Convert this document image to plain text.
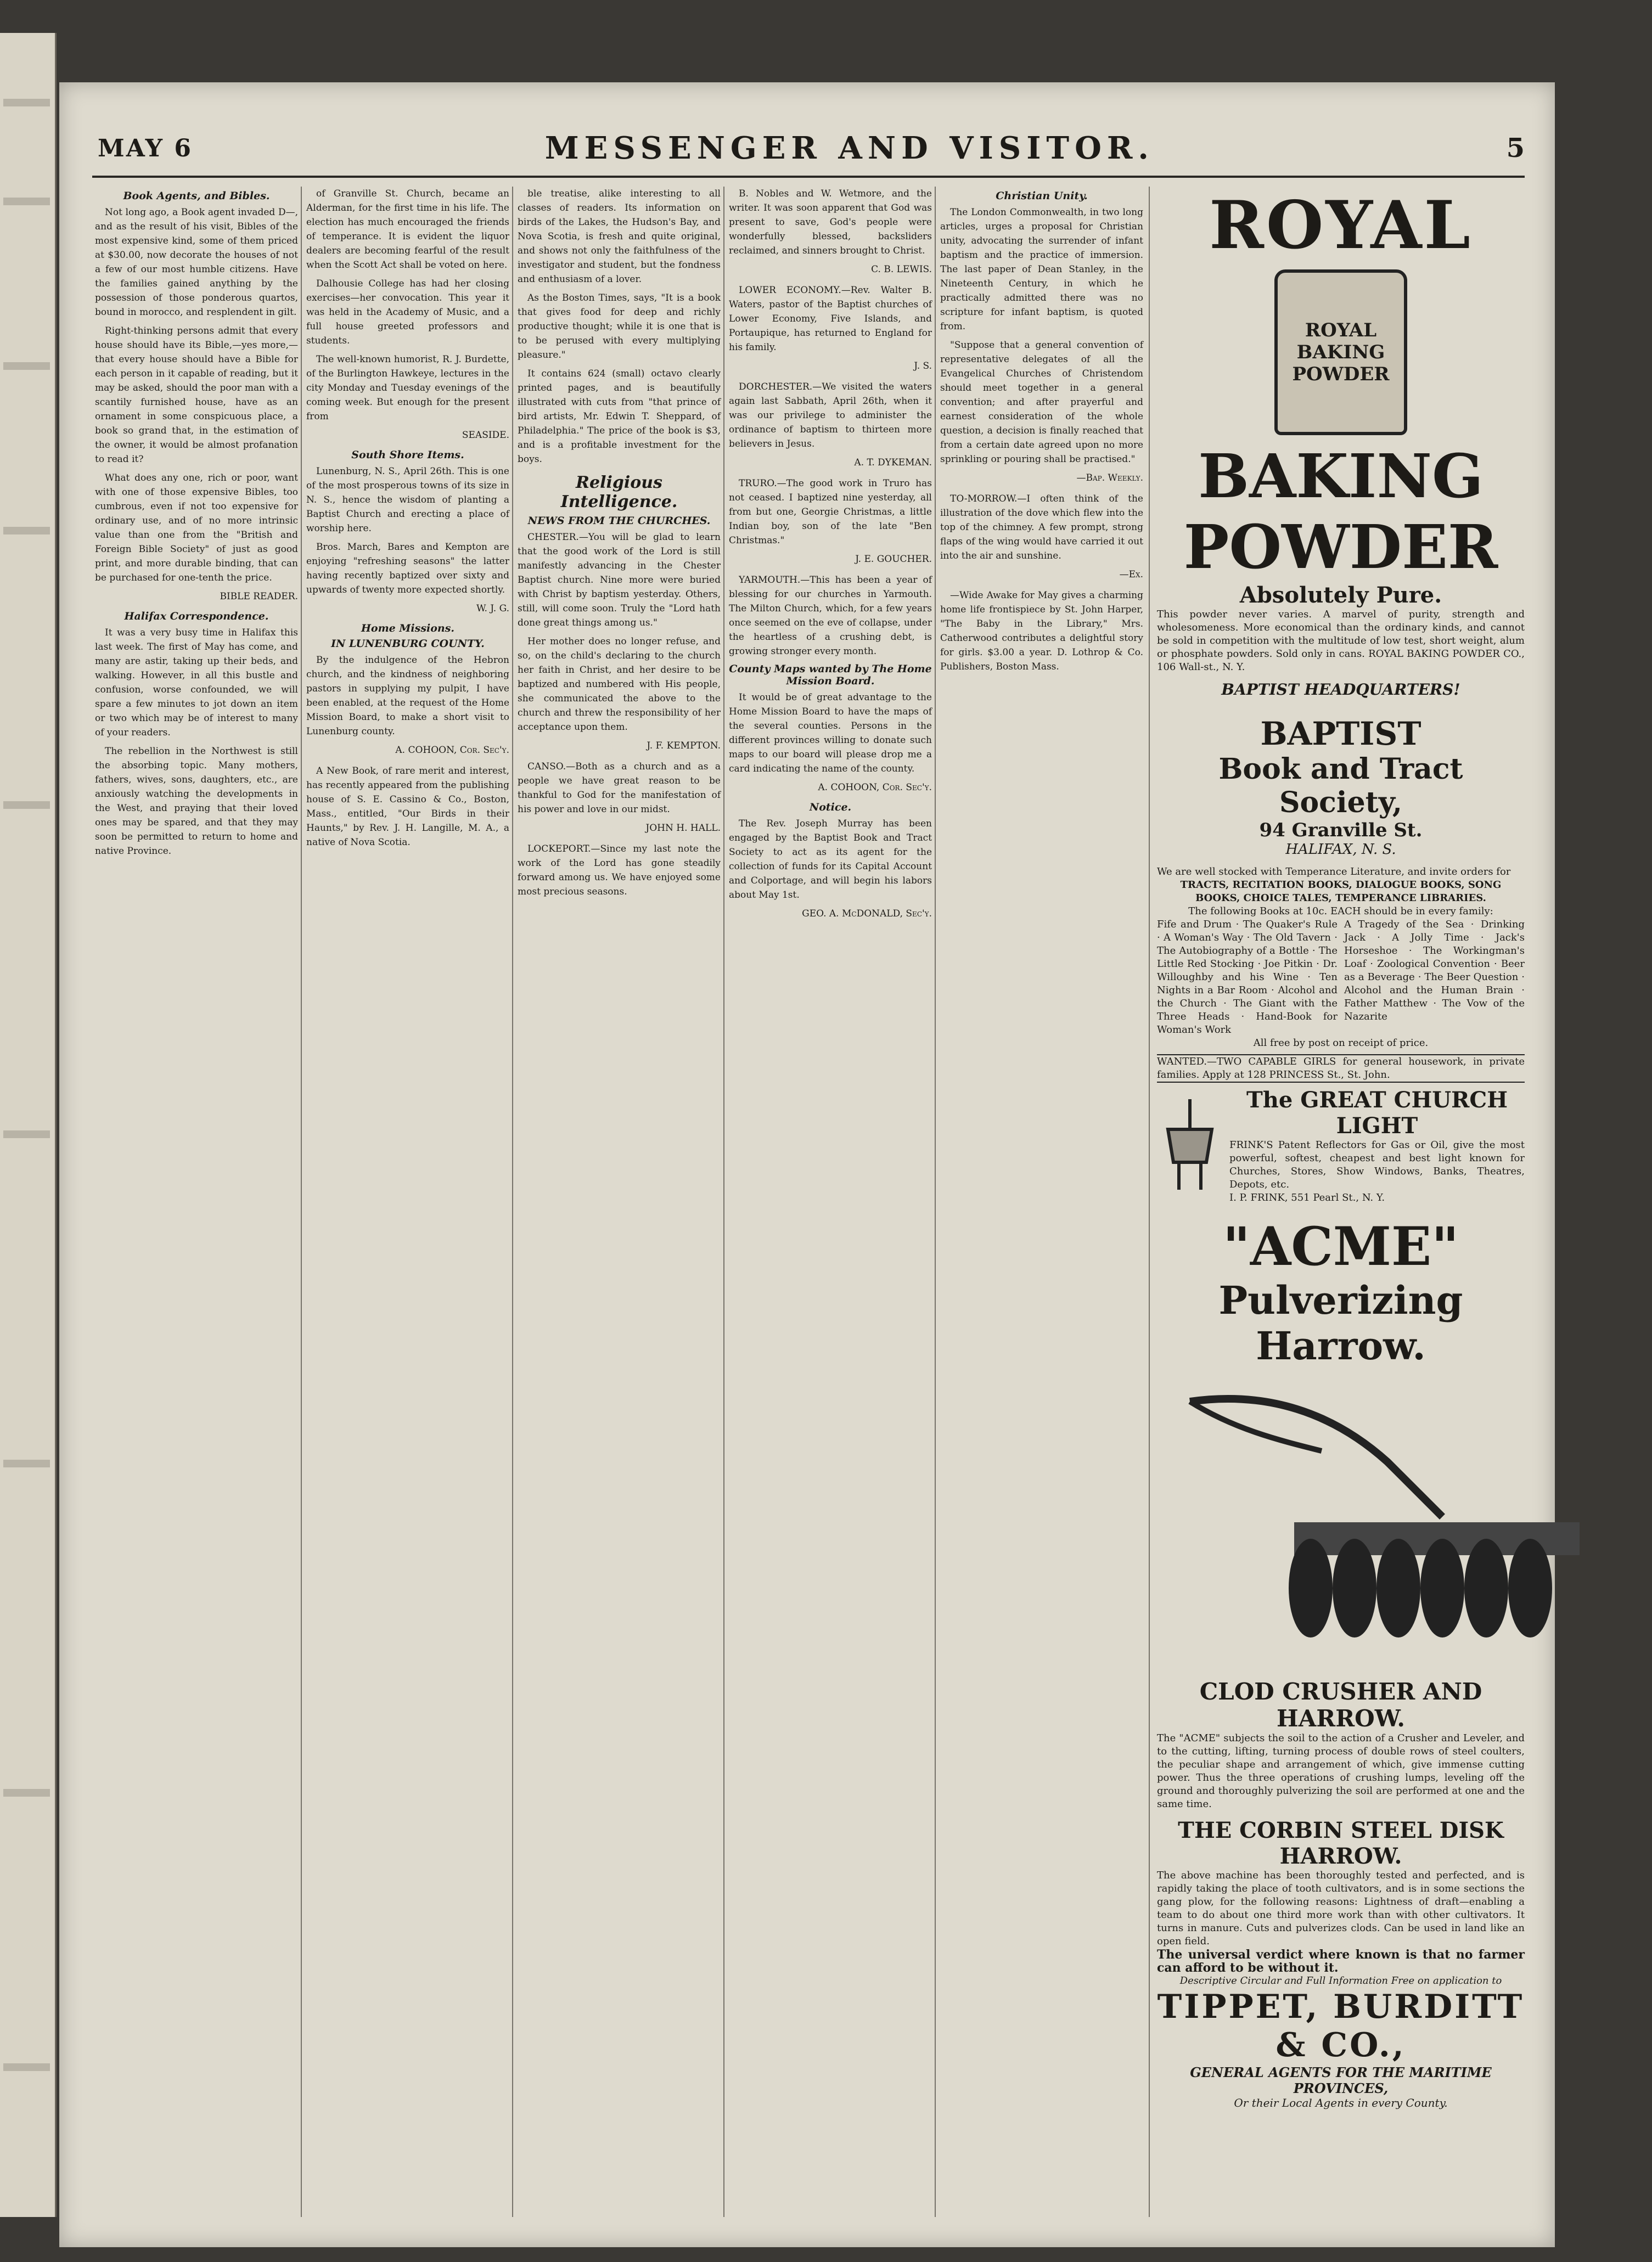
MAY 6	MESSENGER AND VISITOR.	5
Book Agents, and Bibles.

Not long ago, a Book agent invaded D—, and as the result of his visit, Bibles of the most expensive kind, some of them priced at $30.00, now decorate the houses of not a few of our most humble citizens. Have the families gained anything by the possession of those ponderous quartos, bound in morocco, and resplendent in gilt.

Right-thinking persons admit that every house should have its Bible,—yes more,—that every house should have a Bible for each person in it capable of reading, but it may be asked, should the poor man with a scantily furnished house, have as an ornament in some conspicuous place, a book so grand that, in the estimation of the owner, it would be almost profanation to read it?

What does any one, rich or poor, want with one of those expensive Bibles, too cumbrous, even if not too expensive for ordinary use, and of no more intrinsic value than one from the "British and Foreign Bible Society" of just as good print, and more durable binding, that can be purchased for one-tenth the price.

BIBLE READER.
Halifax Correspondence.

It was a very busy time in Halifax this last week. The first of May has come, and many are astir, taking up their beds, and walking. However, in all this bustle and confusion, worse confounded, we will spare a few minutes to jot down an item or two which may be of interest to many of your readers.

The rebellion in the Northwest is still the absorbing topic. Many mothers, fathers, wives, sons, daughters, etc., are anxiously watching the developments in the West, and praying that their loved ones may be spared, and that they may soon be permitted to return to home and native Province.

of Granville St. Church, became an Alderman, for the first time in his life. The election has much encouraged the friends of temperance. It is evident the liquor dealers are becoming fearful of the result when the Scott Act shall be voted on here.

Dalhousie College has had her closing exercises—her convocation. This year it was held in the Academy of Music, and a full house greeted professors and students.

The well-known humorist, R. J. Burdette, of the Burlington Hawkeye, lectures in the city Monday and Tuesday evenings of the coming week. But enough for the present from

SEASIDE.
South Shore Items.

Lunenburg, N. S., April 26th. This is one of the most prosperous towns of its size in N. S., hence the wisdom of planting a Baptist Church and erecting a place of worship here.

Bros. March, Bares and Kempton are enjoying "refreshing seasons" the latter having recently baptized over sixty and upwards of twenty more expected shortly.

W. J. G.
Home Missions.
IN LUNENBURG COUNTY.

By the indulgence of the Hebron church, and the kindness of neighboring pastors in supplying my pulpit, I have been enabled, at the request of the Home Mission Board, to make a short visit to Lunenburg county.

A. COHOON, Cor. Sec'y.

A New Book, of rare merit and interest, has recently appeared from the publishing house of S. E. Cassino & Co., Boston, Mass., entitled, "Our Birds in their Haunts," by Rev. J. H. Langille, M. A., a native of Nova Scotia.

ble treatise, alike interesting to all classes of readers. Its information on birds of the Lakes, the Hudson's Bay, and Nova Scotia, is fresh and quite original, and shows not only the faithfulness of the investigator and student, but the fondness and enthusiasm of a lover.

As the Boston Times, says, "It is a book that gives food for deep and richly productive thought; while it is one that is to be perused with every multiplying pleasure."

It contains 624 (small) octavo clearly printed pages, and is beautifully illustrated with cuts from "that prince of bird artists, Mr. Edwin T. Sheppard, of Philadelphia." The price of the book is $3, and is a profitable investment for the boys.

Religious Intelligence.
NEWS FROM THE CHURCHES.

CHESTER.—You will be glad to learn that the good work of the Lord is still manifestly advancing in the Chester Baptist church. Nine more were buried with Christ by baptism yesterday. Others, still, will come soon. Truly the "Lord hath done great things among us."

Her mother does no longer refuse, and so, on the child's declaring to the church her faith in Christ, and her desire to be baptized and numbered with His people, she communicated the above to the church and threw the responsibility of her acceptance upon them.

J. F. KEMPTON.

CANSO.—Both as a church and as a people we have great reason to be thankful to God for the manifestation of his power and love in our midst.

JOHN H. HALL.

LOCKEPORT.—Since my last note the work of the Lord has gone steadily forward among us. We have enjoyed some most precious seasons.

B. Nobles and W. Wetmore, and the writer. It was soon apparent that God was present to save, God's people were wonderfully blessed, backsliders reclaimed, and sinners brought to Christ.

C. B. LEWIS.

LOWER ECONOMY.—Rev. Walter B. Waters, pastor of the Baptist churches of Lower Economy, Five Islands, and Portaupique, has returned to England for his family.

J. S.

DORCHESTER.—We visited the waters again last Sabbath, April 26th, when it was our privilege to administer the ordinance of baptism to thirteen more believers in Jesus.

A. T. DYKEMAN.

TRURO.—The good work in Truro has not ceased. I baptized nine yesterday, all from but one, Georgie Christmas, a little Indian boy, son of the late "Ben Christmas."

J. E. GOUCHER.

YARMOUTH.—This has been a year of blessing for our churches in Yarmouth. The Milton Church, which, for a few years once seemed on the eve of collapse, under the heartless of a crushing debt, is growing stronger every month.

County Maps wanted by The Home Mission Board.

It would be of great advantage to the Home Mission Board to have the maps of the several counties. Persons in the different provinces willing to donate such maps to our board will please drop me a card indicating the name of the county.

A. COHOON, Cor. Sec'y.
Notice.

The Rev. Joseph Murray has been engaged by the Baptist Book and Tract Society to act as its agent for the collection of funds for its Capital Account and Colportage, and will begin his labors about May 1st.

GEO. A. McDONALD, Sec'y.
ROYAL
ROYAL
BAKING
POWDER
BAKING
POWDER
Absolutely Pure.
This powder never varies. A marvel of purity, strength and wholesomeness. More economical than the ordinary kinds, and cannot be sold in competition with the multitude of low test, short weight, alum or phosphate powders. Sold only in cans. ROYAL BAKING POWDER CO., 106 Wall-st., N. Y.
BAPTIST HEADQUARTERS!
BAPTIST
Book and Tract Society,
94 Granville St.
HALIFAX, N. S.
We are well stocked with Temperance Literature, and invite orders for
TRACTS, RECITATION BOOKS, DIALOGUE BOOKS, SONG BOOKS, CHOICE TALES, TEMPERANCE LIBRARIES.
The following Books at 10c. EACH should be in every family:
Fife and Drum · The Quaker's Rule · A Woman's Way · The Old Tavern · The Autobiography of a Bottle · The Little Red Stocking · Joe Pitkin · Dr. Willoughby and his Wine · Ten Nights in a Bar Room · Alcohol and the Church · The Giant with the Three Heads · Hand-Book for Woman's Work
A Tragedy of the Sea · Drinking Jack · A Jolly Time · Jack's Horseshoe · The Workingman's Loaf · Zoological Convention · Beer as a Beverage · The Beer Question · Alcohol and the Human Brain · Father Matthew · The Vow of the Nazarite
All free by post on receipt of price.
WANTED.—TWO CAPABLE GIRLS for general housework, in private families. Apply at 128 PRINCESS St., St. John.
The GREAT CHURCH LIGHT
FRINK'S Patent Reflectors for Gas or Oil, give the most powerful, softest, cheapest and best light known for Churches, Stores, Show Windows, Banks, Theatres, Depots, etc.
I. P. FRINK, 551 Pearl St., N. Y.
"ACME"
Pulverizing Harrow.
CLOD CRUSHER AND HARROW.
The "ACME" subjects the soil to the action of a Crusher and Leveler, and to the cutting, lifting, turning process of double rows of steel coulters, the peculiar shape and arrangement of which, give immense cutting power. Thus the three operations of crushing lumps, leveling off the ground and thoroughly pulverizing the soil are performed at one and the same time.
THE CORBIN STEEL DISK HARROW.
The above machine has been thoroughly tested and perfected, and is rapidly taking the place of tooth cultivators, and is in some sections the gang plow, for the following reasons: Lightness of draft—enabling a team to do about one third more work than with other cultivators. It turns in manure. Cuts and pulverizes clods. Can be used in land like an open field.
The universal verdict where known is that no farmer can afford to be without it.
Descriptive Circular and Full Information Free on application to
TIPPET, BURDITT & CO.,
GENERAL AGENTS FOR THE MARITIME PROVINCES,
Or their Local Agents in every County.
Christian Unity.

The London Commonwealth, in two long articles, urges a proposal for Christian unity, advocating the surrender of infant baptism and the practice of immersion. The last paper of Dean Stanley, in the Nineteenth Century, in which he practically admitted there was no scripture for infant baptism, is quoted from.

"Suppose that a general convention of representative delegates of all the Evangelical Churches of Christendom should meet together in a general convention; and after prayerful and earnest consideration of the whole question, a decision is finally reached that from a certain date agreed upon no more sprinkling or pouring shall be practised."

—Bap. Weekly.

TO-MORROW.—I often think of the illustration of the dove which flew into the top of the chimney. A few prompt, strong flaps of the wing would have carried it out into the air and sunshine.

—Ex.

—Wide Awake for May gives a charming home life frontispiece by St. John Harper, "The Baby in the Library," Mrs. Catherwood contributes a delightful story for girls. $3.00 a year. D. Lothrop & Co. Publishers, Boston Mass.
